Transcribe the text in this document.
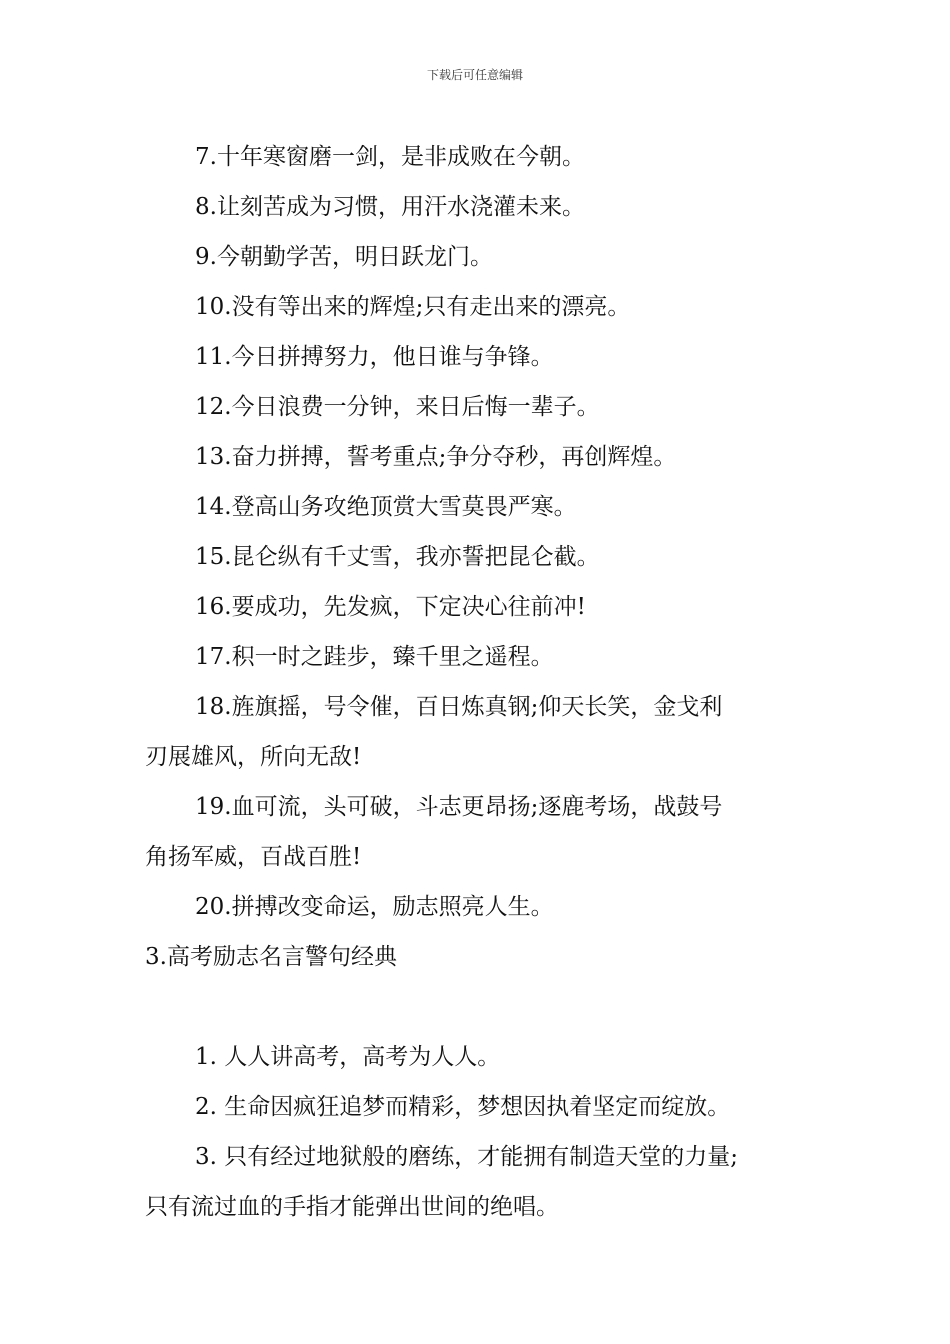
下载后可任意编辑
7.十年寒窗磨一剑，是非成败在今朝。
8.让刻苦成为习惯，用汗水浇灌未来。
9.今朝勤学苦，明日跃龙门。
10.没有等出来的辉煌;只有走出来的漂亮。
11.今日拼搏努力，他日谁与争锋。
12.今日浪费一分钟，来日后悔一辈子。
13.奋力拼搏，誓考重点;争分夺秒，再创辉煌。
14.登高山务攻绝顶赏大雪莫畏严寒。
15.昆仑纵有千丈雪，我亦誓把昆仑截。
16.要成功，先发疯，下定决心往前冲!
17.积一时之跬步，臻千里之遥程。
18.旌旗摇，号令催，百日炼真钢;仰天长笑，金戈利
刃展雄风，所向无敌!
19.血可流，头可破，斗志更昂扬;逐鹿考场，战鼓号
角扬军威，百战百胜!
20.拼搏改变命运，励志照亮人生。
3.高考励志名言警句经典
1. 人人讲高考，高考为人人。
2. 生命因疯狂追梦而精彩，梦想因执着坚定而绽放。
3. 只有经过地狱般的磨练，才能拥有制造天堂的力量;
只有流过血的手指才能弹出世间的绝唱。
